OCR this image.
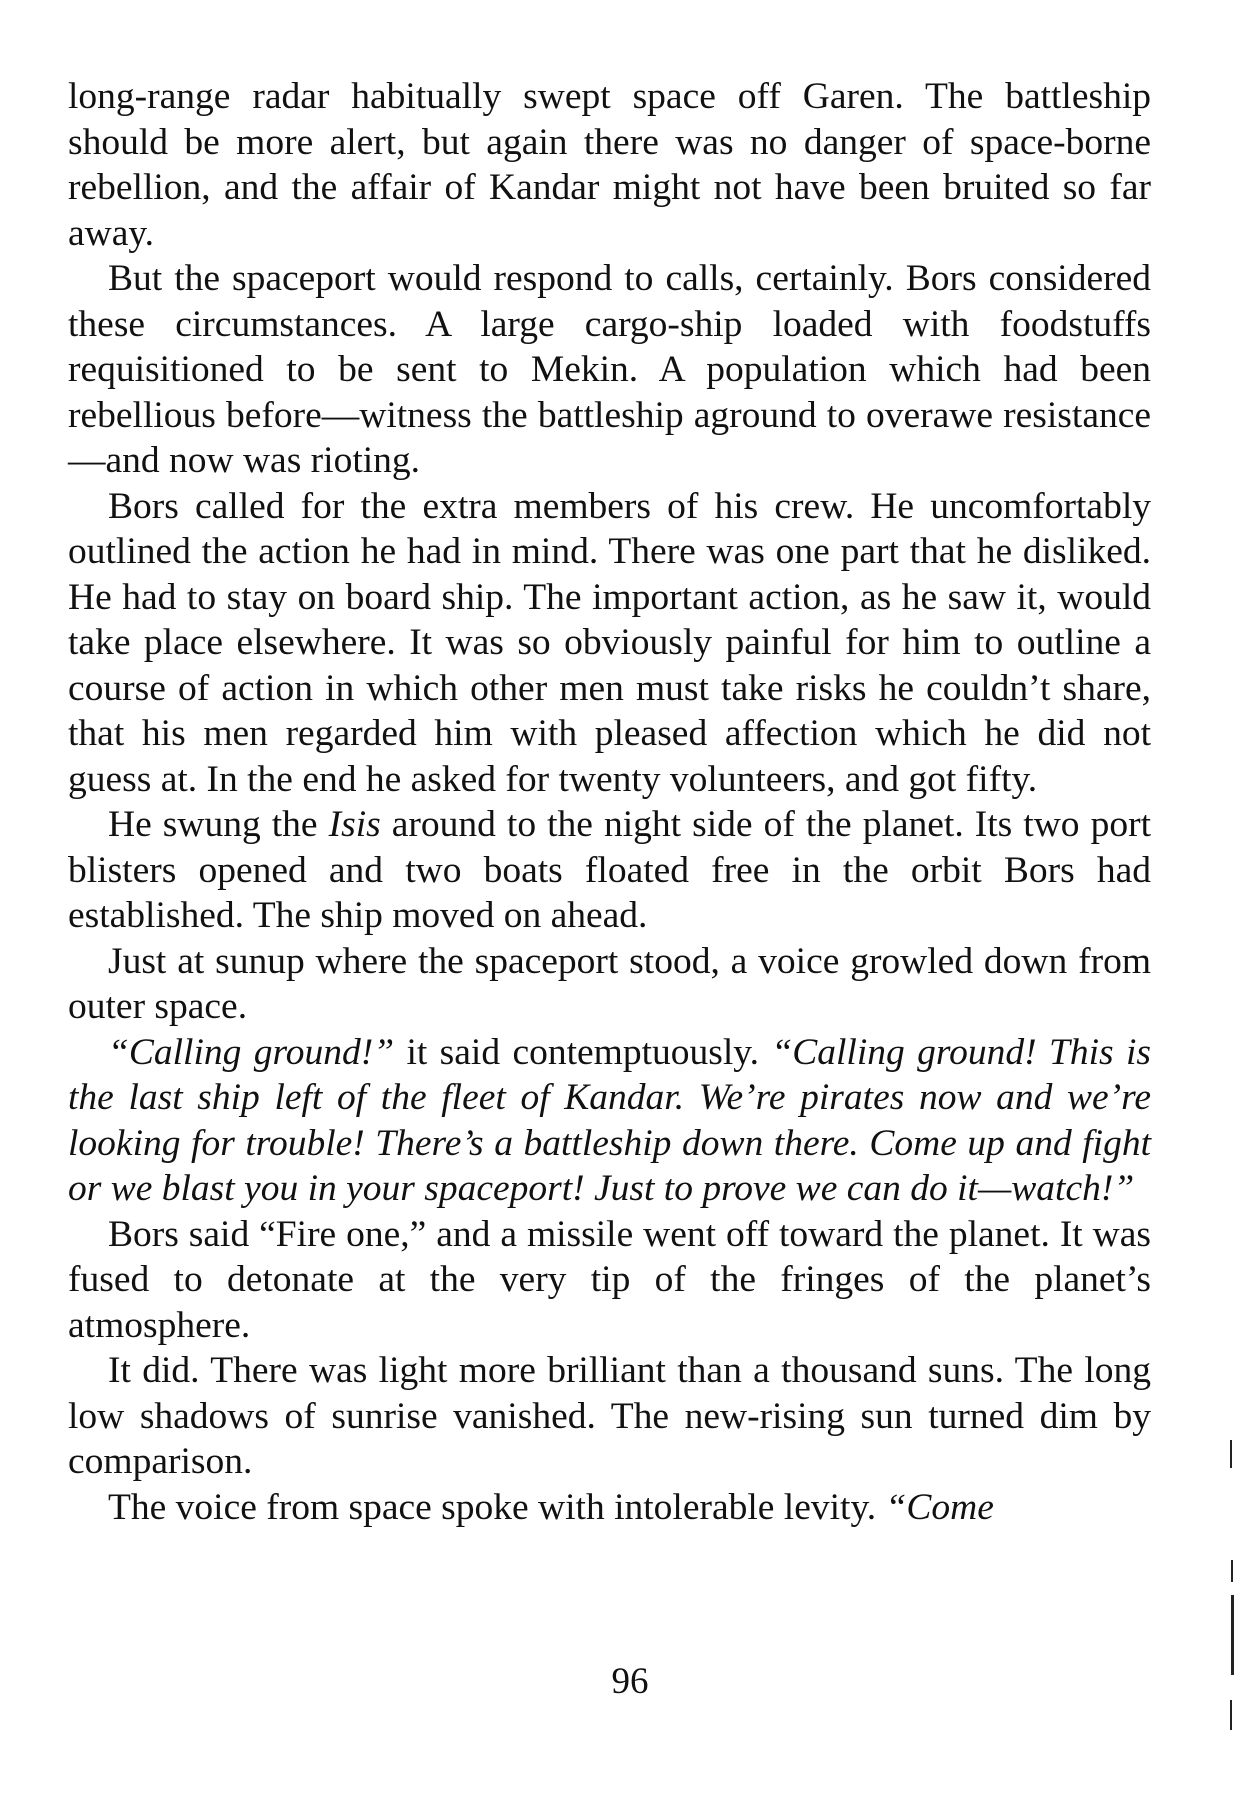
long-range radar habitually swept space off Garen. The battleship should be more alert, but again there was no danger of space-borne rebellion, and the affair of Kandar might not have been bruited so far away.

But the spaceport would respond to calls, certainly. Bors considered these circumstances. A large cargo-ship loaded with foodstuffs requisitioned to be sent to Mekin. A population which had been rebellious before—witness the battleship aground to overawe resistance—and now was rioting.

Bors called for the extra members of his crew. He uncomfortably outlined the action he had in mind. There was one part that he disliked. He had to stay on board ship. The important action, as he saw it, would take place elsewhere. It was so obviously painful for him to outline a course of action in which other men must take risks he couldn’t share, that his men regarded him with pleased affection which he did not guess at. In the end he asked for twenty volunteers, and got fifty.

He swung the Isis around to the night side of the planet. Its two port blisters opened and two boats floated free in the orbit Bors had established. The ship moved on ahead.

Just at sunup where the spaceport stood, a voice growled down from outer space.

“Calling ground!” it said contemptuously. “Calling ground! This is the last ship left of the fleet of Kandar. We’re pirates now and we’re looking for trouble! There’s a battleship down there. Come up and fight or we blast you in your spaceport! Just to prove we can do it—watch!”

Bors said “Fire one,” and a missile went off toward the planet. It was fused to detonate at the very tip of the fringes of the planet’s atmosphere.

It did. There was light more brilliant than a thousand suns. The long low shadows of sunrise vanished. The new-rising sun turned dim by comparison.

The voice from space spoke with intolerable levity. “Come

96
